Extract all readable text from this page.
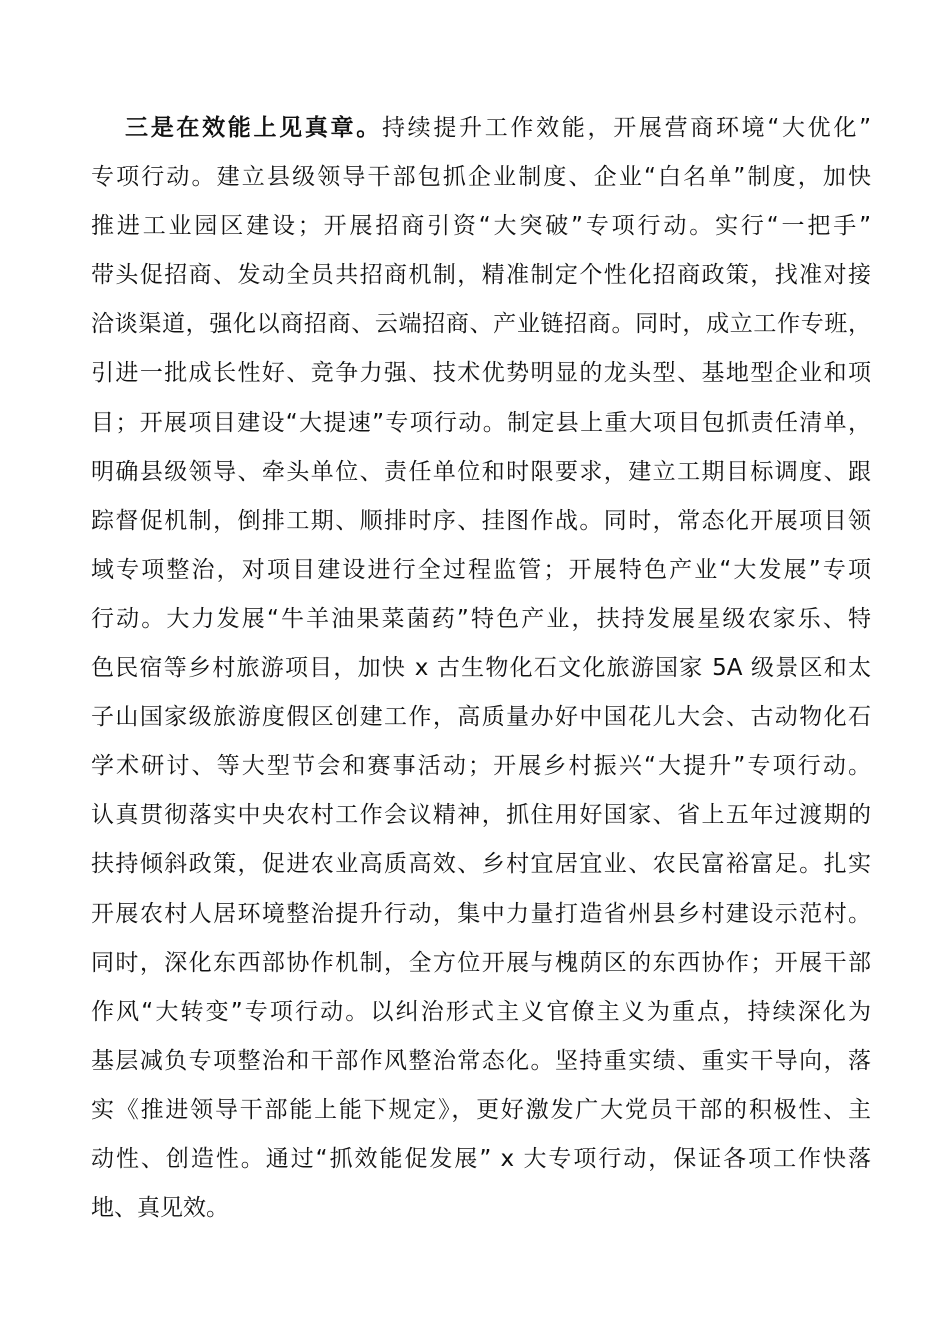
三是在效能上见真章。持续提升工作效能，开展营商环境“大优化”
专项行动。建立县级领导干部包抓企业制度、企业“白名单”制度，加快
推进工业园区建设；开展招商引资“大突破”专项行动。实行“一把手”
带头促招商、发动全员共招商机制，精准制定个性化招商政策，找准对接
洽谈渠道，强化以商招商、云端招商、产业链招商。同时，成立工作专班，
引进一批成长性好、竞争力强、技术优势明显的龙头型、基地型企业和项
目；开展项目建设“大提速”专项行动。制定县上重大项目包抓责任清单，
明确县级领导、牵头单位、责任单位和时限要求，建立工期目标调度、跟
踪督促机制，倒排工期、顺排时序、挂图作战。同时，常态化开展项目领
域专项整治，对项目建设进行全过程监管；开展特色产业“大发展”专项
行动。大力发展“牛羊油果菜菌药”特色产业，扶持发展星级农家乐、特
色民宿等乡村旅游项目，加快 x 古生物化石文化旅游国家 5A 级景区和太
子山国家级旅游度假区创建工作，高质量办好中国花儿大会、古动物化石
学术研讨、等大型节会和赛事活动；开展乡村振兴“大提升”专项行动。
认真贯彻落实中央农村工作会议精神，抓住用好国家、省上五年过渡期的
扶持倾斜政策，促进农业高质高效、乡村宜居宜业、农民富裕富足。扎实
开展农村人居环境整治提升行动，集中力量打造省州县乡村建设示范村。
同时，深化东西部协作机制，全方位开展与槐荫区的东西协作；开展干部
作风“大转变”专项行动。以纠治形式主义官僚主义为重点，持续深化为
基层减负专项整治和干部作风整治常态化。坚持重实绩、重实干导向，落
实《推进领导干部能上能下规定》，更好激发广大党员干部的积极性、主
动性、创造性。通过“抓效能促发展” x 大专项行动，保证各项工作快落
地、真见效。
